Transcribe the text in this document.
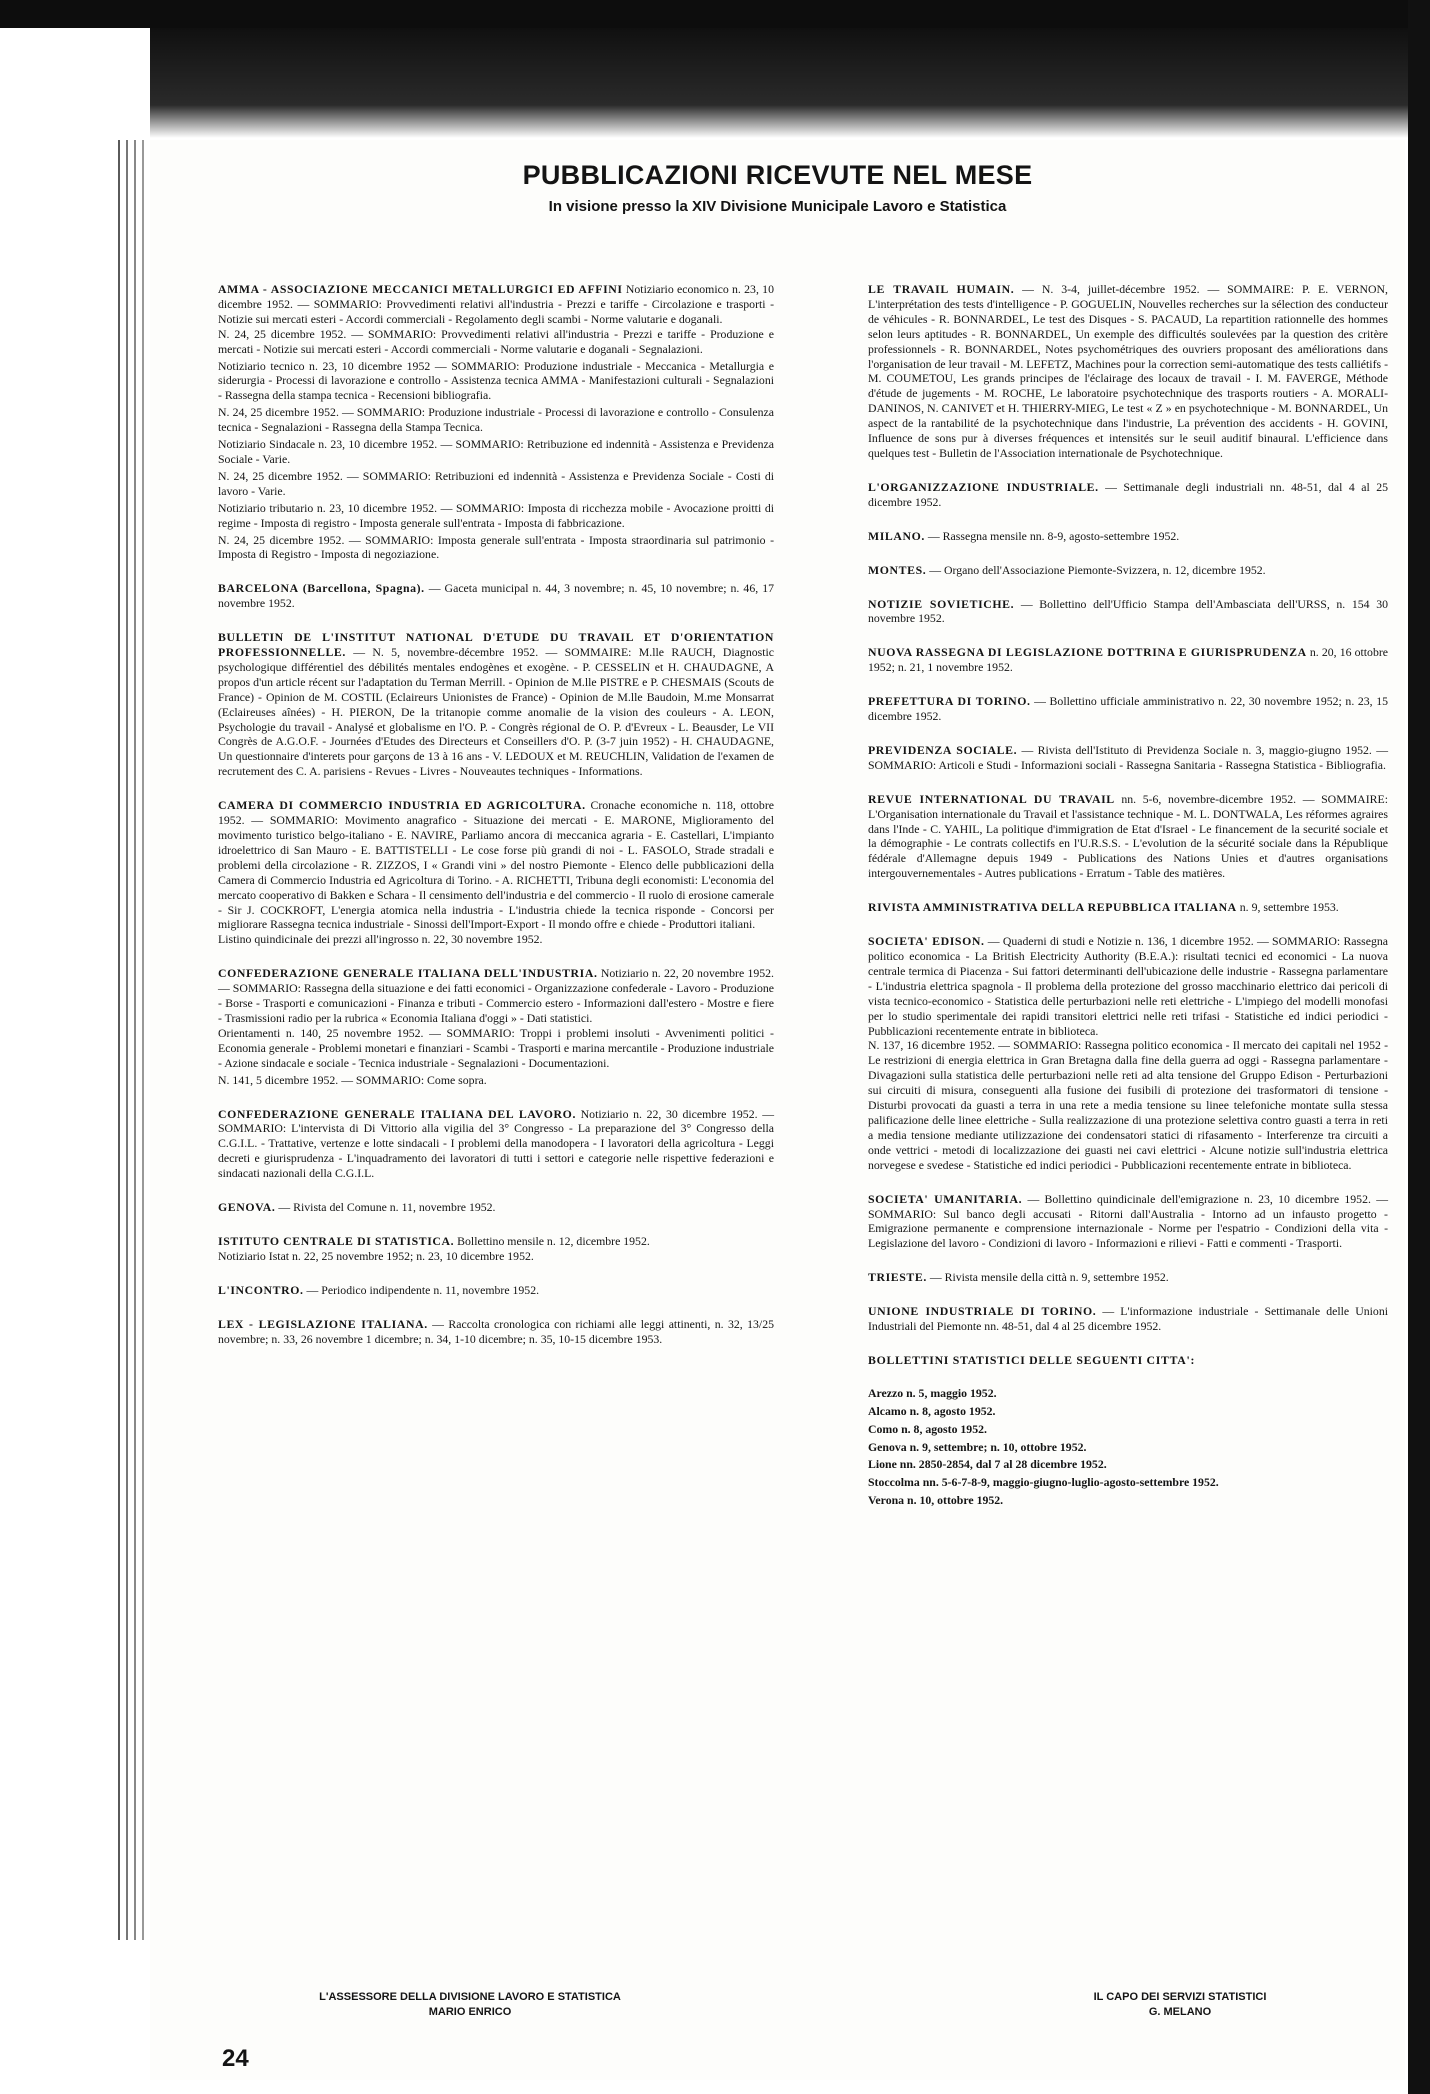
PUBBLICAZIONI RICEVUTE NEL MESE
In visione presso la XIV Divisione Municipale Lavoro e Statistica
AMMA - ASSOCIAZIONE MECCANICI METALLURGICI ED AFFINI Notiziario economico n. 23, 10 dicembre 1952. — SOMMARIO: Provvedimenti relativi all'industria - Prezzi e tariffe - Circolazione e trasporti - Notizie sui mercati esteri - Accordi commerciali - Regolamento degli scambi - Norme valutarie e doganali.
N. 24, 25 dicembre 1952. — SOMMARIO: Provvedimenti relativi all'industria - Prezzi e tariffe - Produzione e mercati - Notizie sui mercati esteri - Accordi commerciali - Norme valutarie e doganali - Segnalazioni.
Notiziario tecnico n. 23, 10 dicembre 1952 — SOMMARIO: Produzione industriale - Meccanica - Metallurgia e siderurgia - Processi di lavorazione e controllo - Assistenza tecnica AMMA - Manifestazioni culturali - Segnalazioni - Rassegna della stampa tecnica - Recensioni bibliografia.
N. 24, 25 dicembre 1952. — SOMMARIO: Produzione industriale - Processi di lavorazione e controllo - Consulenza tecnica - Segnalazioni - Rassegna della Stampa Tecnica.
Notiziario Sindacale n. 23, 10 dicembre 1952. — SOMMARIO: Retribuzione ed indennità - Assistenza e Previdenza Sociale - Varie.
N. 24, 25 dicembre 1952. — SOMMARIO: Retribuzioni ed indennità - Assistenza e Previdenza Sociale - Costi di lavoro - Varie.
Notiziario tributario n. 23, 10 dicembre 1952. — SOMMARIO: Imposta di ricchezza mobile - Avocazione proitti di regime - Imposta di registro - Imposta generale sull'entrata - Imposta di fabbricazione.
N. 24, 25 dicembre 1952. — SOMMARIO: Imposta generale sull'entrata - Imposta straordinaria sul patrimonio - Imposta di Registro - Imposta di negoziazione.
BARCELONA (Barcellona, Spagna). — Gaceta municipal n. 44, 3 novembre; n. 45, 10 novembre; n. 46, 17 novembre 1952.
BULLETIN DE L'INSTITUT NATIONAL D'ETUDE DU TRAVAIL ET D'ORIENTATION PROFESSIONNELLE. — N. 5, novembre-décembre 1952. — SOMMAIRE: M.lle RAUCH, Diagnostic psychologique différentiel des débilités mentales endogènes et exogène. - P. CESSELIN et H. CHAUDAGNE, A propos d'un article récent sur l'adaptation du Terman Merrill. - Opinion de M.lle PISTRE e P. CHESMAIS (Scouts de France) - Opinion de M. COSTIL (Eclaireurs Unionistes de France) - Opinion de M.lle Baudoin, M.me Monsarrat (Eclaireuses aînées) - H. PIERON, De la tritanopie comme anomalie de la vision des couleurs - A. LEON, Psychologie du travail - Analysé et globalisme en l'O. P. - Congrès régional de O. P. d'Evreux - L. Beausder, Le VII Congrès de A.G.O.F. - Journées d'Etudes des Directeurs et Conseillers d'O. P. (3-7 juin 1952) - H. CHAUDAGNE, Un questionnaire d'interets pour garçons de 13 à 16 ans - V. LEDOUX et M. REUCHLIN, Validation de l'examen de recrutement des C. A. parisiens - Revues - Livres - Nouveautes techniques - Informations.
CAMERA DI COMMERCIO INDUSTRIA ED AGRICOLTURA. Cronache economiche n. 118, ottobre 1952. — SOMMARIO: Movimento anagrafico - Situazione dei mercati - E. MARONE, Miglioramento del movimento turistico belgo-italiano - E. NAVIRE, Parliamo ancora di meccanica agraria - E. Castellari, L'impianto idroelettrico di San Mauro - E. BATTISTELLI - Le cose forse più grandi di noi - L. FASOLO, Strade stradali e problemi della circolazione - R. ZIZZOS, I « Grandi vini » del nostro Piemonte - Elenco delle pubblicazioni della Camera di Commercio Industria ed Agricoltura di Torino. - A. RICHETTI, Tribuna degli economisti: L'economia del mercato cooperativo di Bakken e Schara - Il censimento dell'industria e del commercio - Il ruolo di erosione camerale - Sir J. COCKROFT, L'energia atomica nella industria - L'industria chiede la tecnica risponde - Concorsi per migliorare Rassegna tecnica industriale - Sinossi dell'Import-Export - Il mondo offre e chiede - Produttori italiani.
Listino quindicinale dei prezzi all'ingrosso n. 22, 30 novembre 1952.
CONFEDERAZIONE GENERALE ITALIANA DELL'INDUSTRIA. Notiziario n. 22, 20 novembre 1952. — SOMMARIO: Rassegna della situazione e dei fatti economici - Organizzazione confederale - Lavoro - Produzione - Borse - Trasporti e comunicazioni - Finanza e tributi - Commercio estero - Informazioni dall'estero - Mostre e fiere - Trasmissioni radio per la rubrica « Economia Italiana d'oggi » - Dati statistici.
Orientamenti n. 140, 25 novembre 1952. — SOMMARIO: Troppi i problemi insoluti - Avvenimenti politici - Economia generale - Problemi monetari e finanziari - Scambi - Trasporti e marina mercantile - Produzione industriale - Azione sindacale e sociale - Tecnica industriale - Segnalazioni - Documentazioni.
N. 141, 5 dicembre 1952. — SOMMARIO: Come sopra.
CONFEDERAZIONE GENERALE ITALIANA DEL LAVORO. Notiziario n. 22, 30 dicembre 1952. — SOMMARIO: L'intervista di Di Vittorio alla vigilia del 3° Congresso - La preparazione del 3° Congresso della C.G.I.L. - Trattative, vertenze e lotte sindacali - I problemi della manodopera - I lavoratori della agricoltura - Leggi decreti e giurisprudenza - L'inquadramento dei lavoratori di tutti i settori e categorie nelle rispettive federazioni e sindacati nazionali della C.G.I.L.
GENOVA. — Rivista del Comune n. 11, novembre 1952.
ISTITUTO CENTRALE DI STATISTICA. Bollettino mensile n. 12, dicembre 1952.
Notiziario Istat n. 22, 25 novembre 1952; n. 23, 10 dicembre 1952.
L'INCONTRO. — Periodico indipendente n. 11, novembre 1952.
LEX - LEGISLAZIONE ITALIANA. — Raccolta cronologica con richiami alle leggi attinenti, n. 32, 13/25 novembre; n. 33, 26 novembre 1 dicembre; n. 34, 1-10 dicembre; n. 35, 10-15 dicembre 1953.
LE TRAVAIL HUMAIN. — N. 3-4, juillet-décembre 1952. — SOMMAIRE: P. E. VERNON, L'interprétation des tests d'intelligence - P. GOGUELIN, Nouvelles recherches sur la sélection des conducteur de véhicules - R. BONNARDEL, Le test des Disques - S. PACAUD, La repartition rationnelle des hommes selon leurs aptitudes - R. BONNARDEL, Un exemple des difficultés soulevées par la question des critère professionnels - R. BONNARDEL, Notes psychométriques des ouvriers proposant des améliorations dans l'organisation de leur travail - M. LEFETZ, Machines pour la correction semi-automatique des tests calliétifs - M. COUMETOU, Les grands principes de l'éclairage des locaux de travail - I. M. FAVERGE, Méthode d'étude de jugements - M. ROCHE, Le laboratoire psychotechnique des trasports routiers - A. MORALI-DANINOS, N. CANIVET et H. THIERRY-MIEG, Le test « Z » en psychotechnique - M. BONNARDEL, Un aspect de la rantabilité de la psychotechnique dans l'industrie, La prévention des accidents - H. GOVINI, Influence de sons pur à diverses fréquences et intensités sur le seuil auditif binaural. L'efficience dans quelques test - Bulletin de l'Association internationale de Psychotechnique.
L'ORGANIZZAZIONE INDUSTRIALE. — Settimanale degli industriali nn. 48-51, dal 4 al 25 dicembre 1952.
MILANO. — Rassegna mensile nn. 8-9, agosto-settembre 1952.
MONTES. — Organo dell'Associazione Piemonte-Svizzera, n. 12, dicembre 1952.
NOTIZIE SOVIETICHE. — Bollettino dell'Ufficio Stampa dell'Ambasciata dell'URSS, n. 154 30 novembre 1952.
NUOVA RASSEGNA DI LEGISLAZIONE DOTTRINA E GIURISPRUDENZA n. 20, 16 ottobre 1952; n. 21, 1 novembre 1952.
PREFETTURA DI TORINO. — Bollettino ufficiale amministrativo n. 22, 30 novembre 1952; n. 23, 15 dicembre 1952.
PREVIDENZA SOCIALE. — Rivista dell'Istituto di Previdenza Sociale n. 3, maggio-giugno 1952. — SOMMARIO: Articoli e Studi - Informazioni sociali - Rassegna Sanitaria - Rassegna Statistica - Bibliografia.
REVUE INTERNATIONAL DU TRAVAIL nn. 5-6, novembre-dicembre 1952. — SOMMAIRE: L'Organisation internationale du Travail et l'assistance technique - M. L. DONTWALA, Les réformes agraires dans l'Inde - C. YAHIL, La politique d'immigration de Etat d'Israel - Le financement de la securité sociale et la démographie - Le contrats collectifs en l'U.R.S.S. - L'evolution de la sécurité sociale dans la République fédérale d'Allemagne depuis 1949 - Publications des Nations Unies et d'autres organisations intergouvernementales - Autres publications - Erratum - Table des matières.
RIVISTA AMMINISTRATIVA DELLA REPUBBLICA ITALIANA n. 9, settembre 1953.
SOCIETA' EDISON. — Quaderni di studi e Notizie n. 136, 1 dicembre 1952. — SOMMARIO: Rassegna politico economica - La British Electricity Authority (B.E.A.): risultati tecnici ed economici - La nuova centrale termica di Piacenza - Sui fattori determinanti dell'ubicazione delle industrie - Rassegna parlamentare - L'industria elettrica spagnola - Il problema della protezione del grosso macchinario elettrico dai pericoli di vista tecnico-economico - Statistica delle perturbazioni nelle reti elettriche - L'impiego del modelli monofasi per lo studio sperimentale dei rapidi transitori elettrici nelle reti trifasi - Statistiche ed indici periodici - Pubblicazioni recentemente entrate in biblioteca.
N. 137, 16 dicembre 1952. — SOMMARIO: Rassegna politico economica - Il mercato dei capitali nel 1952 - Le restrizioni di energia elettrica in Gran Bretagna dalla fine della guerra ad oggi - Rassegna parlamentare - Divagazioni sulla statistica delle perturbazioni nelle reti ad alta tensione del Gruppo Edison - Perturbazioni sui circuiti di misura, conseguenti alla fusione dei fusibili di protezione dei trasformatori di tensione - Disturbi provocati da guasti a terra in una rete a media tensione su linee telefoniche montate sulla stessa palificazione delle linee elettriche - Sulla realizzazione di una protezione selettiva contro guasti a terra in reti a media tensione mediante utilizzazione dei condensatori statici di rifasamento - Interferenze tra circuiti a onde vettrici - metodi di localizzazione dei guasti nei cavi elettrici - Alcune notizie sull'industria elettrica norvegese e svedese - Statistiche ed indici periodici - Pubblicazioni recentemente entrate in biblioteca.
SOCIETA' UMANITARIA. — Bollettino quindicinale dell'emigrazione n. 23, 10 dicembre 1952. — SOMMARIO: Sul banco degli accusati - Ritorni dall'Australia - Intorno ad un infausto progetto - Emigrazione permanente e comprensione internazionale - Norme per l'espatrio - Condizioni della vita - Legislazione del lavoro - Condizioni di lavoro - Informazioni e rilievi - Fatti e commenti - Trasporti.
TRIESTE. — Rivista mensile della città n. 9, settembre 1952.
UNIONE INDUSTRIALE DI TORINO. — L'informazione industriale - Settimanale delle Unioni Industriali del Piemonte nn. 48-51, dal 4 al 25 dicembre 1952.
BOLLETTINI STATISTICI DELLE SEGUENTI CITTA':
Arezzo n. 5, maggio 1952.
Alcamo n. 8, agosto 1952.
Como n. 8, agosto 1952.
Genova n. 9, settembre; n. 10, ottobre 1952.
Lione nn. 2850-2854, dal 7 al 28 dicembre 1952.
Stoccolma nn. 5-6-7-8-9, maggio-giugno-luglio-agosto-settembre 1952.
Verona n. 10, ottobre 1952.
L'ASSESSORE DELLA DIVISIONE LAVORO E STATISTICA
MARIO ENRICO
IL CAPO DEI SERVIZI STATISTICI
G. MELANO
24
